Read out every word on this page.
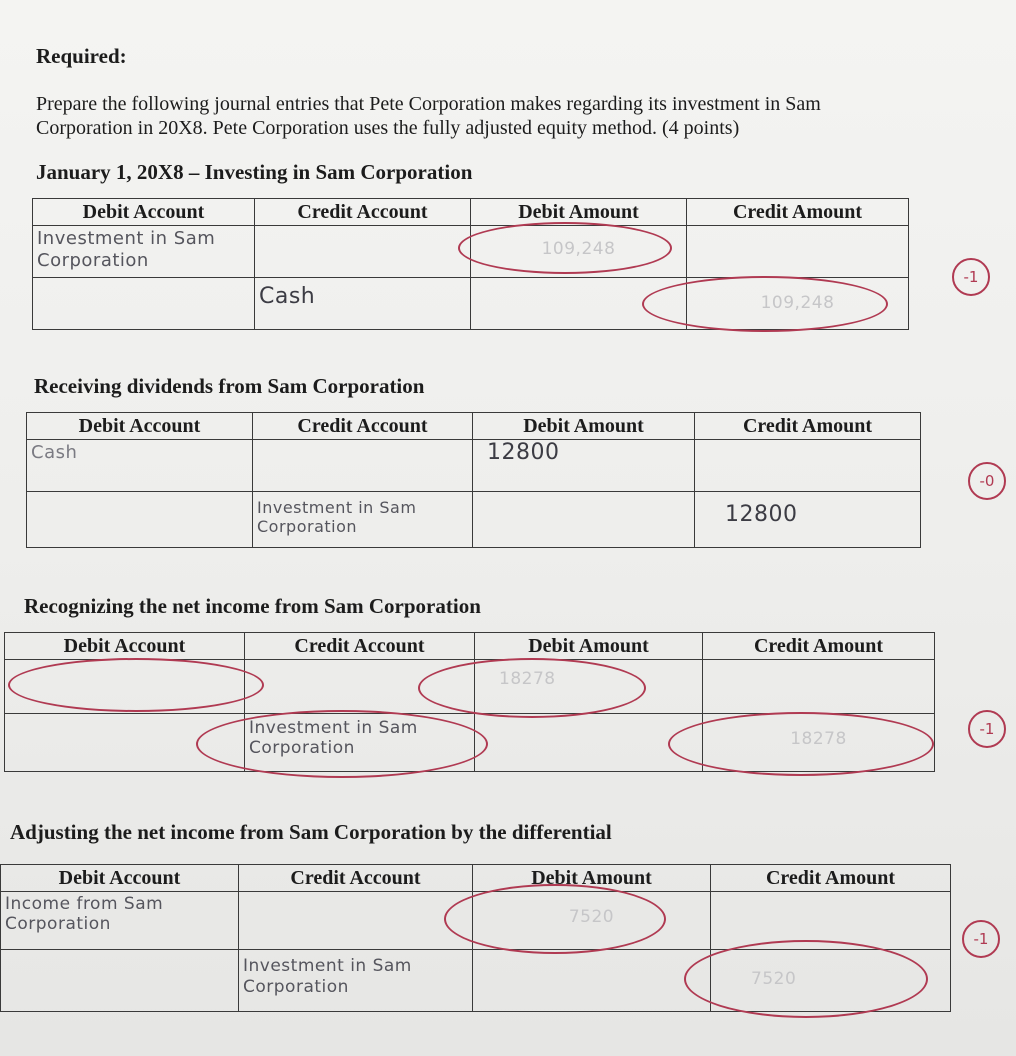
Required:
Prepare the following journal entries that Pete Corporation makes regarding its investment in Sam Corporation in 20X8. Pete Corporation uses the fully adjusted equity method. (4 points)
January 1, 20X8 – Investing in Sam Corporation
Debit Account	Credit Account	Debit Amount	Credit Amount

Investment in Sam Corporation		109,248	

	Cash		109,248
-1
Receiving dividends from Sam Corporation
Debit Account	Credit Account	Debit Amount	Credit Amount

Cash		12800	

	Investment in Sam Corporation		12800
-0
Recognizing the net income from Sam Corporation
Debit Account	Credit Account	Debit Amount	Credit Amount

		18278	

	Investment in Sam Corporation		18278	-1
Adjusting the net income from Sam Corporation by the differential
Debit Account	Credit Account	Debit Amount	Credit Amount

Income from Sam Corporation		7520	

	Investment in Sam Corporation		7520
-1
